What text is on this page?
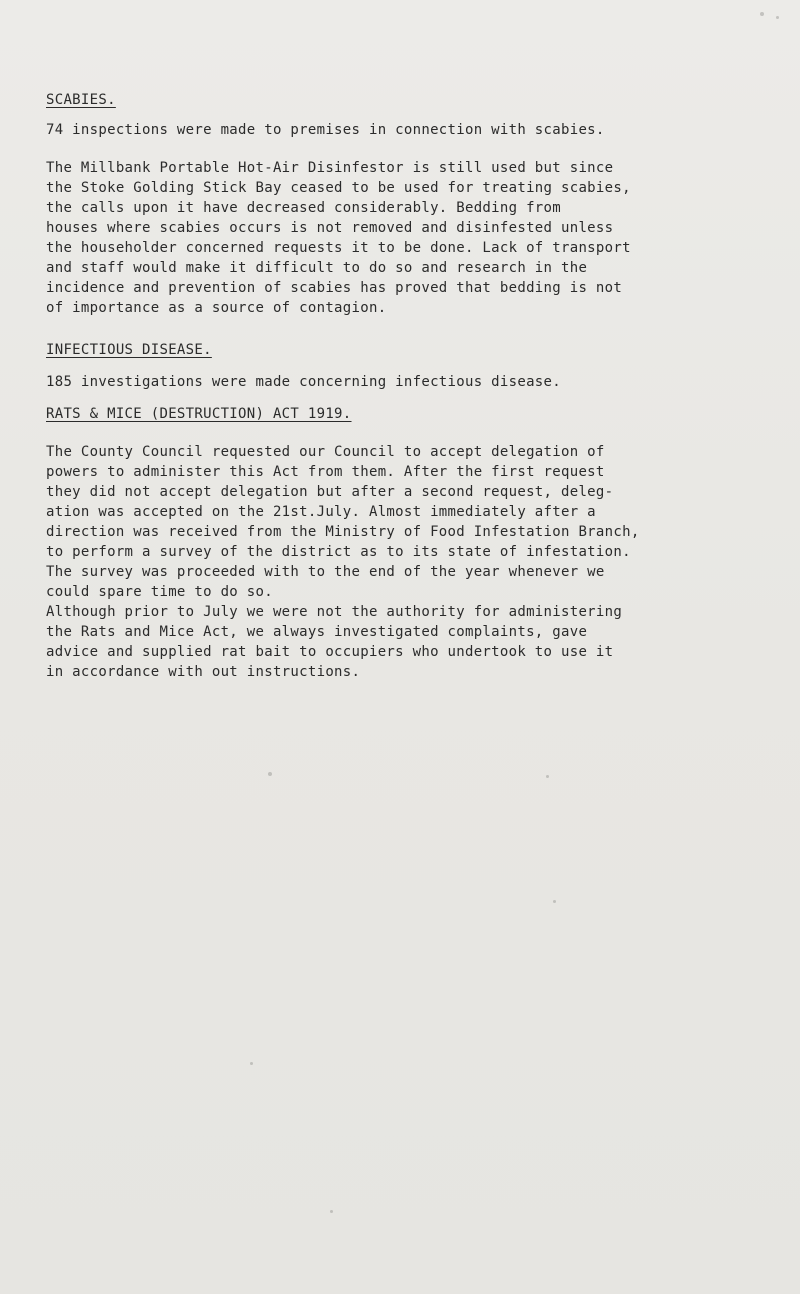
SCABIES.
74 inspections were made to premises in connection with scabies.
The Millbank Portable Hot-Air Disinfestor is still used but since
the Stoke Golding Stick Bay ceased to be used for treating scabies,
the calls upon it have decreased considerably. Bedding from
houses where scabies occurs is not removed and disinfested unless
the householder concerned requests it to be done. Lack of transport
and staff would make it difficult to do so and research in the
incidence and prevention of scabies has proved that bedding is not
of importance as a source of contagion.
INFECTIOUS DISEASE.
185 investigations were made concerning infectious disease.
RATS & MICE (DESTRUCTION) ACT 1919.
The County Council requested our Council to accept delegation of
powers to administer this Act from them. After the first request
they did not accept delegation but after a second request, deleg-
ation was accepted on the 21st.July. Almost immediately after a
direction was received from the Ministry of Food Infestation Branch,
to perform a survey of the district as to its state of infestation.
The survey was proceeded with to the end of the year whenever we
could spare time to do so.
Although prior to July we were not the authority for administering
the Rats and Mice Act, we always investigated complaints, gave
advice and supplied rat bait to occupiers who undertook to use it
in accordance with out instructions.
